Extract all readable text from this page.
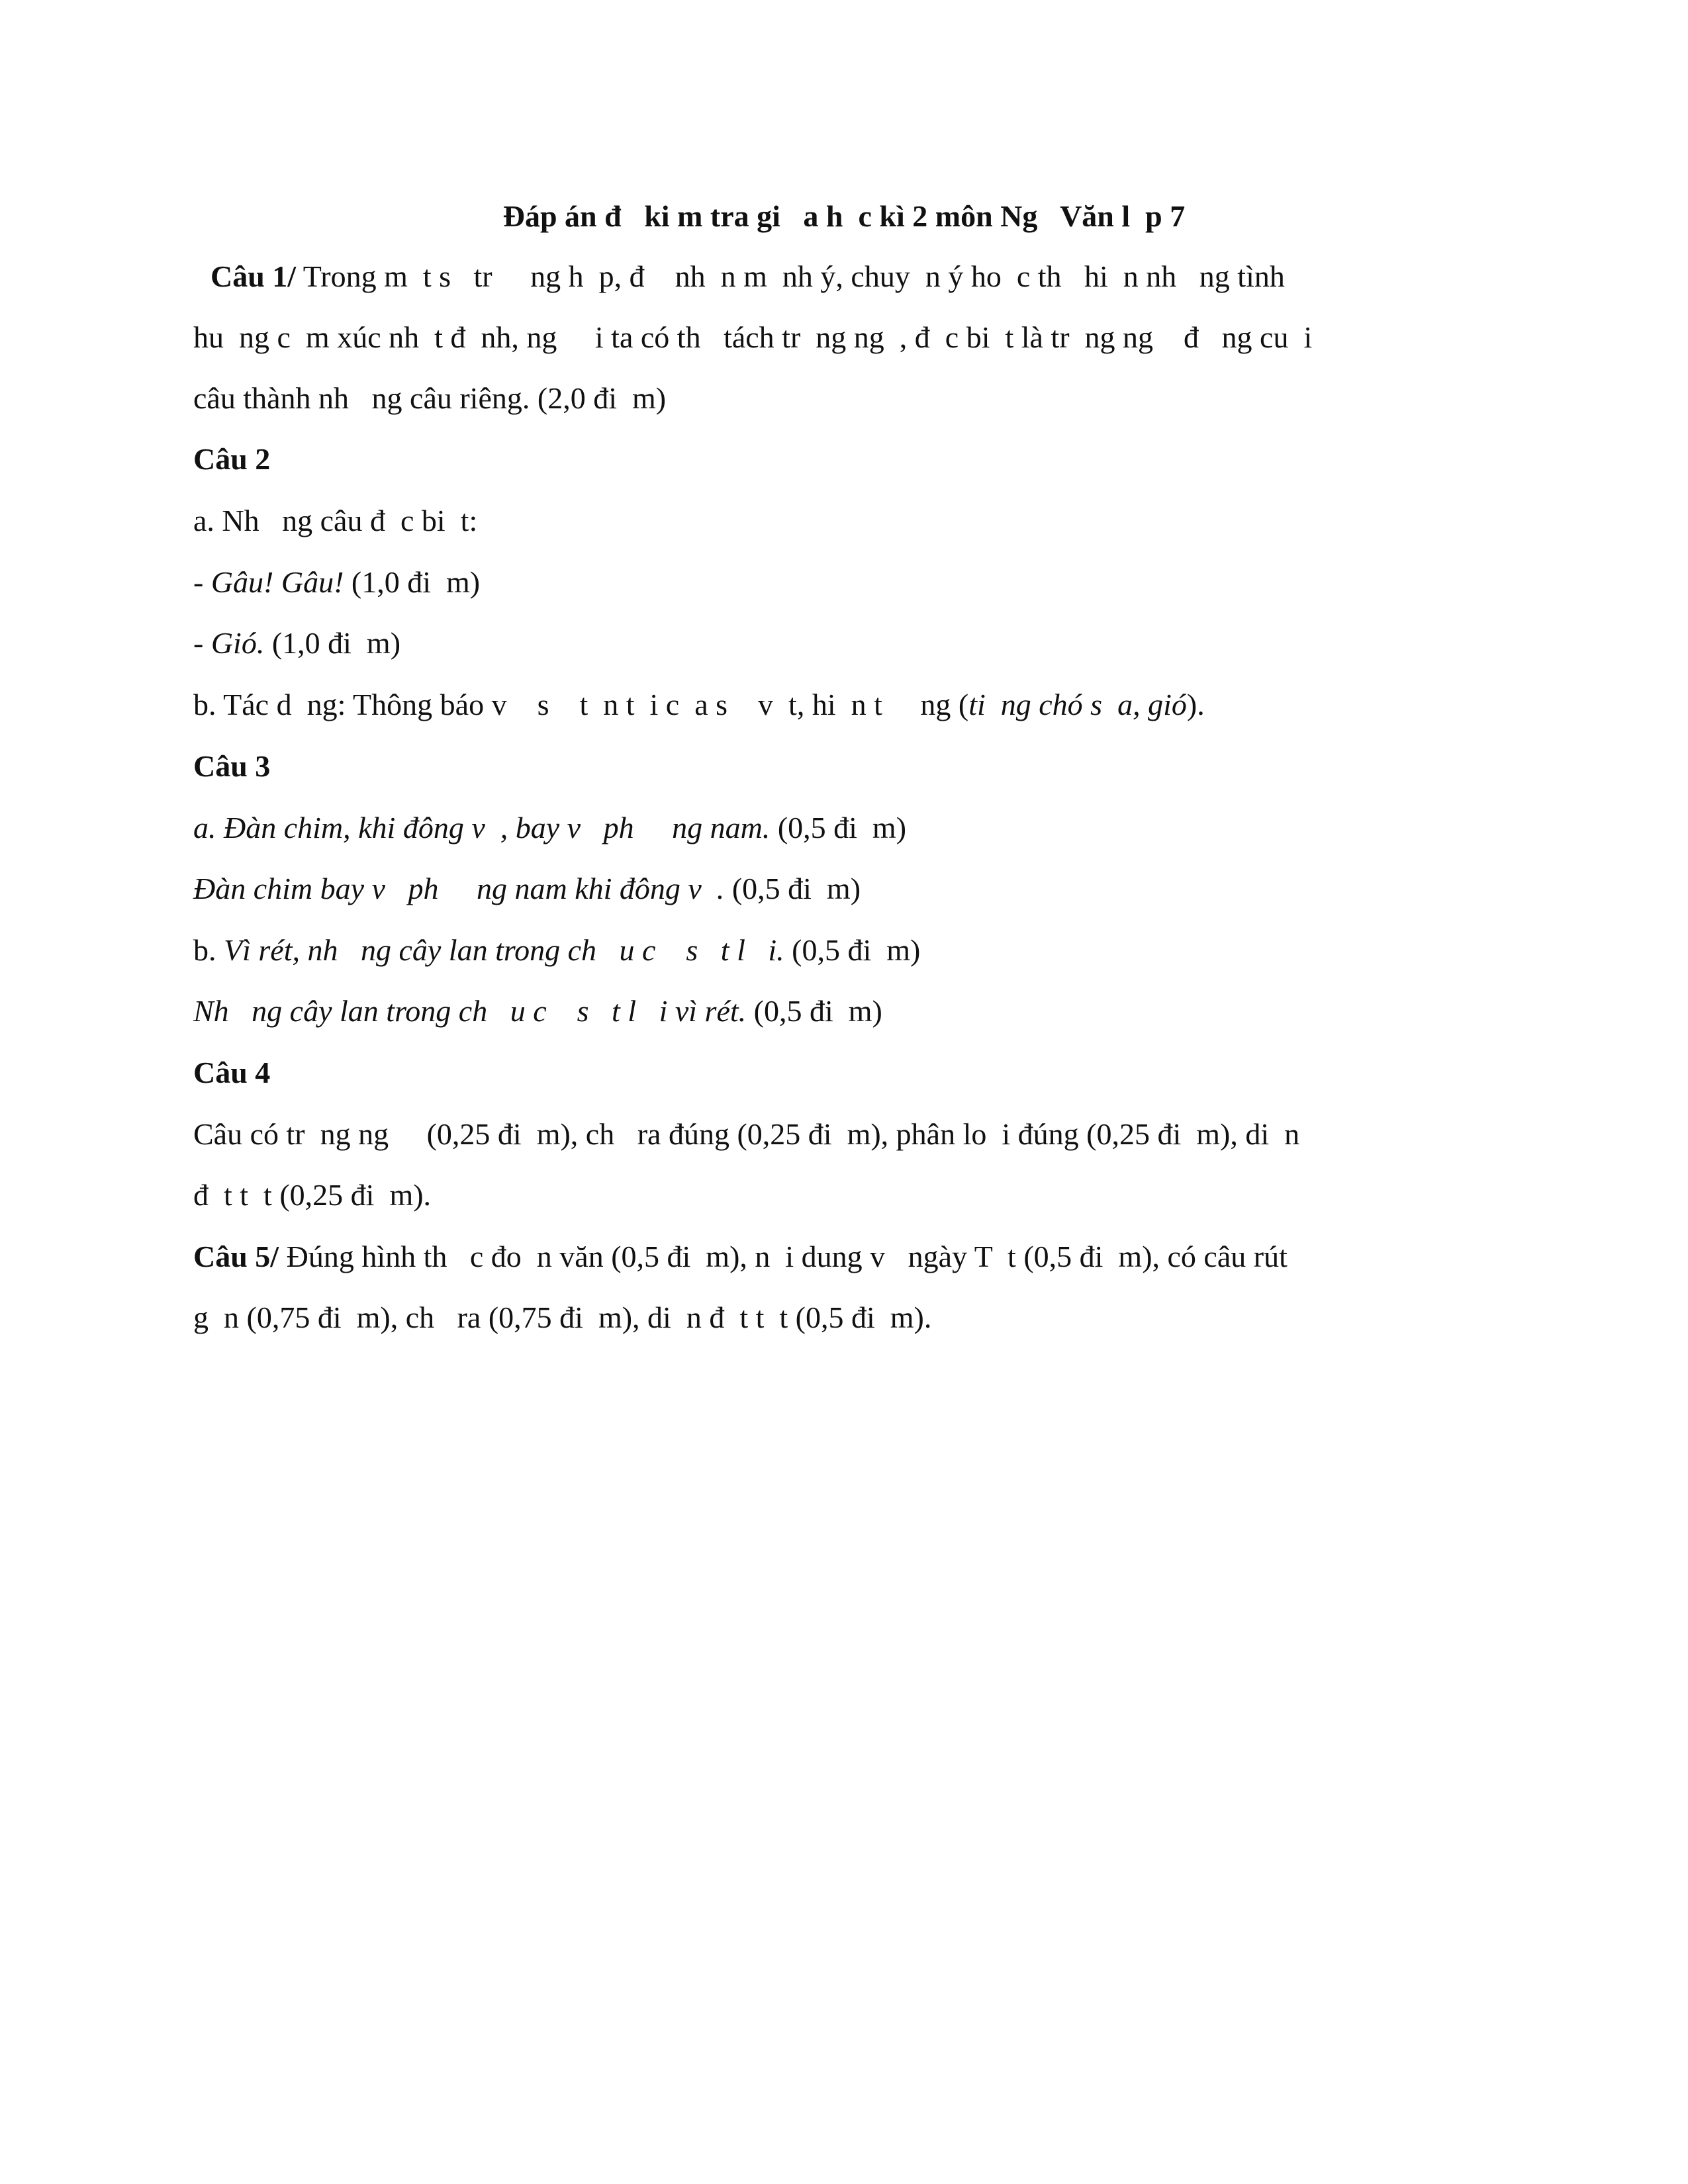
Đáp án đ   ki m tra gi   a h  c kì 2 môn Ng   Văn l  p 7
Câu 1/ Trong m  t s   tr     ng h  p, đ    nh  n m  nh ý, chuy  n ý ho  c th   hi  n nh   ng tình
hu  ng c  m xúc nh  t đ  nh, ng     i ta có th   tách tr  ng ng  , đ  c bi  t là tr  ng ng    đ   ng cu  i
câu thành nh   ng câu riêng. (2,0 đi  m)
Câu 2
a. Nh   ng câu đ  c bi  t:
- Gâu! Gâu! (1,0 đi  m)
- Gió. (1,0 đi  m)
b. Tác d  ng: Thông báo v    s    t  n t  i c  a s    v  t, hi  n t     ng (ti  ng chó s  a, gió).
Câu 3
a. Đàn chim, khi đông v  , bay v   ph     ng nam. (0,5 đi  m)
Đàn chim bay v   ph     ng nam khi đông v  . (0,5 đi  m)
b. Vì rét, nh   ng cây lan trong ch   u c    s   t l   i. (0,5 đi  m)
Nh   ng cây lan trong ch   u c    s   t l   i vì rét. (0,5 đi  m)
Câu 4
Câu có tr  ng ng     (0,25 đi  m), ch   ra đúng (0,25 đi  m), phân lo  i đúng (0,25 đi  m), di  n
đ  t t  t (0,25 đi  m).
Câu 5/ Đúng hình th   c đo  n văn (0,5 đi  m), n  i dung v   ngày T  t (0,5 đi  m), có câu rút
g  n (0,75 đi  m), ch   ra (0,75 đi  m), di  n đ  t t  t (0,5 đi  m).
